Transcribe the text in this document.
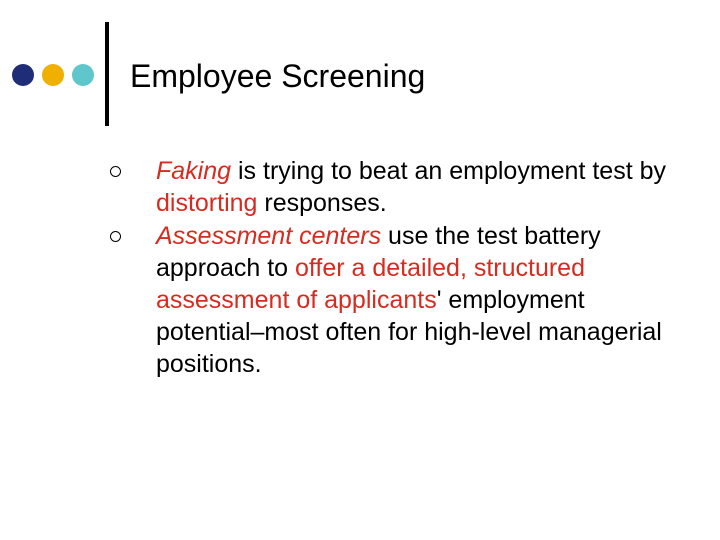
Employee Screening
Faking is trying to beat an employment test by distorting responses.
Assessment centers use the test battery approach to offer a detailed, structured assessment of applicants' employment potential–most often for high‐level managerial positions.
